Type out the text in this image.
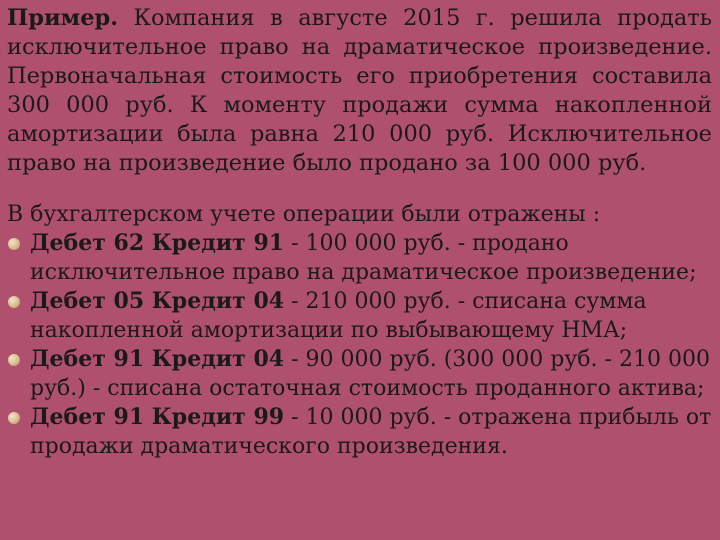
Пример. Компания в августе 2015 г. решила продать исключительное право на драматическое произведение. Первоначальная стоимость его приобретения составила 300 000 руб. К моменту продажи сумма накопленной амортизации была равна 210 000 руб. Исключительное право на произведение было продано за 100 000 руб.

В бухгалтерском учете операции были отражены :
Дебет 62 Кредит 91 - 100 000 руб. - продано исключительное право на драматическое произведение;
Дебет 05 Кредит 04 - 210 000 руб. - списана сумма накопленной амортизации по выбывающему НМА;
Дебет 91 Кредит 04 - 90 000 руб. (300 000 руб. - 210 000 руб.) - списана остаточная стоимость проданного актива;
Дебет 91 Кредит 99 - 10 000 руб. - отражена прибыль от продажи драматического произведения.
